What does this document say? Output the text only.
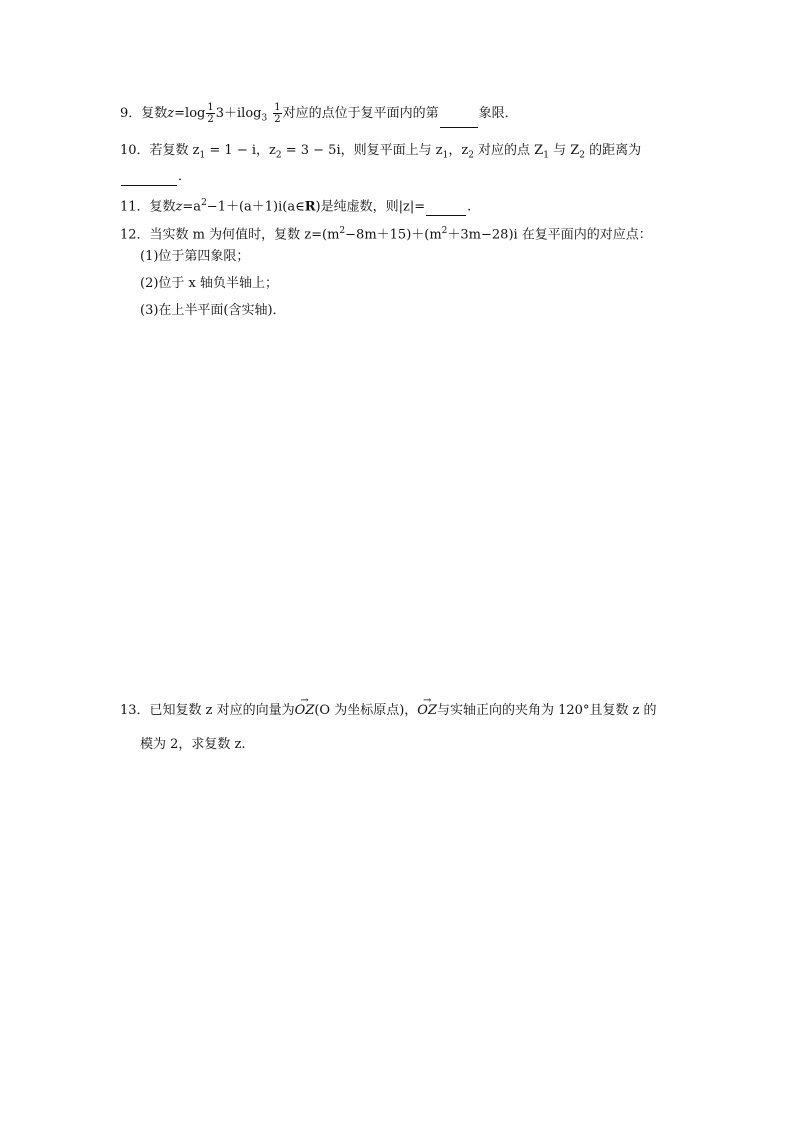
9．复数$z=\log \frac{1}{2} 3+ilog_3 \frac{1}{2}$ 对应的点位于复平面内的第	象限．
10．若复数 $z_1 = 1 - i$，$z_2 = 3 - 5i$，则复平面上与 $z_1$，$z_2$ 对应的点 $Z_1$ 与 $Z_2$ 的距离为
．
11．复数$z=a^2-1+(a+1)i(a\in R)$是纯虚数，则|z|=	.
12．当实数 m 为何值时，复数 $z=(m^2-8m+15)+(m^2+3m-28)i$ 在复平面内的对应点：
(1)位于第四象限；
(2)位于 x 轴负半轴上；
(3)在上半平面(含实轴)．
13．已知复数 z 对应的向量为→ OZ(O 为坐标原点)，→ OZ与实轴正向的夹角为 120°且复数 z 的
模为 2，求复数 z.
